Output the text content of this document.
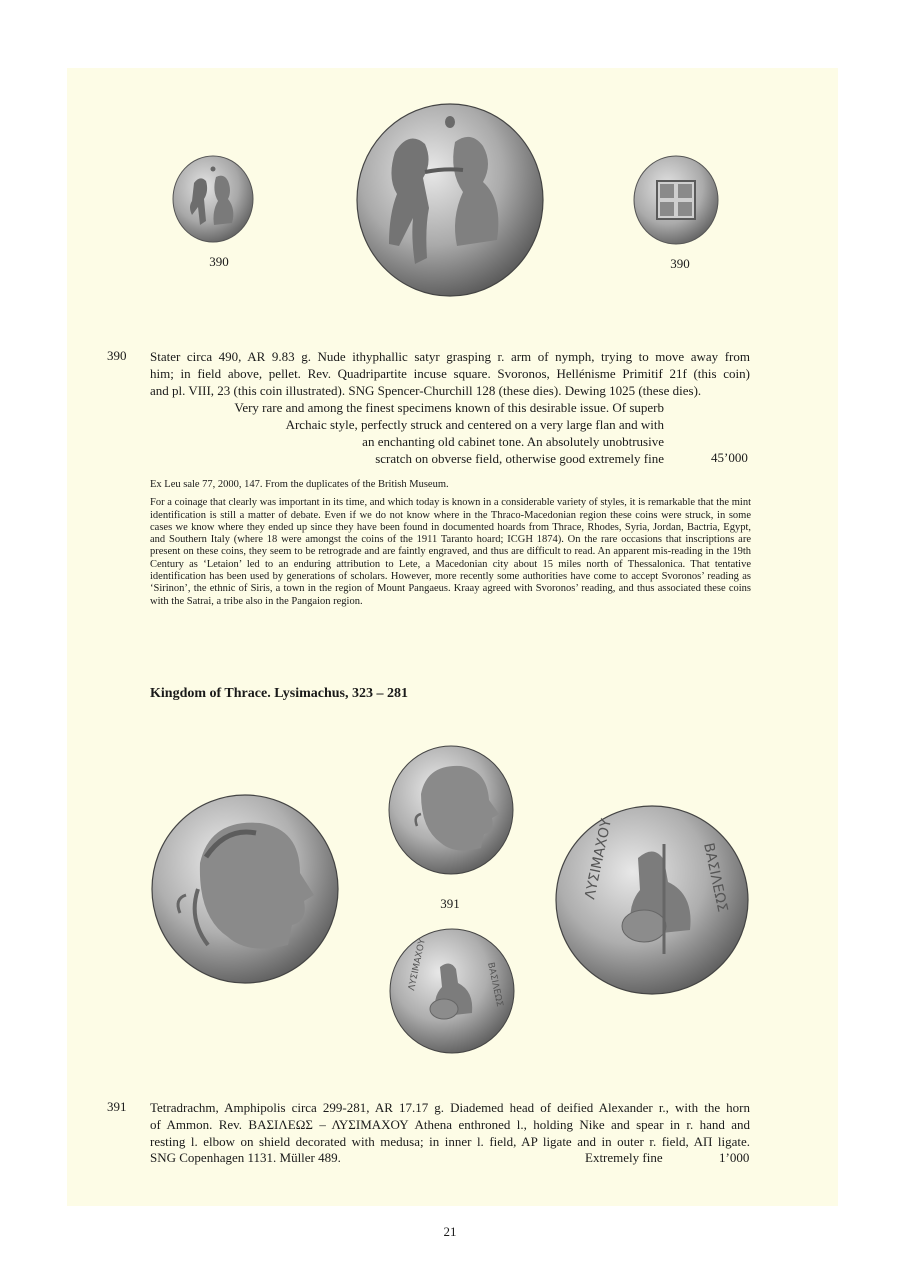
390	390
390 Stater circa 490, AR 9.83 g. Nude ithyphallic satyr grasping r. arm of nymph, trying to move away from
him; in field above, pellet. Rev. Quadripartite incuse square. Svoronos, Hellénisme Primitif 21f (this coin)
and pl. VIII, 23 (this coin illustrated). SNG Spencer-Churchill 128 (these dies). Dewing 1025 (these dies).
Very rare and among the finest specimens known of this desirable issue. Of superb
Archaic style, perfectly struck and centered on a very large flan and with
an enchanting old cabinet tone. An absolutely unobtrusive
scratch on obverse field, otherwise good extremely fine	45’000

Ex Leu sale 77, 2000, 147. From the duplicates of the British Museum.

For a coinage that clearly was important in its time, and which today is known in a considerable variety of styles, it is remarkable that the mint identification is still a matter of debate. Even if we do not know where in the Thraco-Macedonian region these coins were struck, in some cases we know where they ended up since they have been found in documented hoards from Thrace, Rhodes, Syria, Jordan, Bactria, Egypt, and Southern Italy (where 18 were amongst the coins of the 1911 Taranto hoard; ICGH 1874). On the rare occasions that inscriptions are present on these coins, they seem to be retrograde and are faintly engraved, and thus are difficult to read. An apparent mis-reading in the 19th Century as ‘Letaion’ led to an enduring attribution to Lete, a Macedonian city about 15 miles north of Thessalonica. That tentative identification has been used by generations of scholars. However, more recently some authorities have come to accept Svoronos’ reading as ‘Sirinon’, the ethnic of Siris, a town in the region of Mount Pangaeus. Kraay agreed with Svoronos’ reading, and thus associated these coins with the Satrai, a tribe also in the Pangaion region.

Kingdom of Thrace. Lysimachus, 323 – 281
391
ΛΥΣΙΜΑΧΟΥ	ΒΑΣΙΛΕΩΣ
ΛΥΣΙΜΑΧΟΥ	ΒΑΣΙΛΕΩΣ
391 Tetradrachm, Amphipolis circa 299-281, AR 17.17 g. Diademed head of deified Alexander r., with the horn
of Ammon. Rev. ΒΑΣΙΛΕΩΣ – ΛΥΣΙΜΑΧΟΥ Athena enthroned l., holding Nike and spear in r. hand and
resting l. elbow on shield decorated with medusa; in inner l. field, AP ligate and in outer r. field, AΠ ligate.
SNG Copenhagen 1131. Müller 489.	Extremely fine	1’000
21
